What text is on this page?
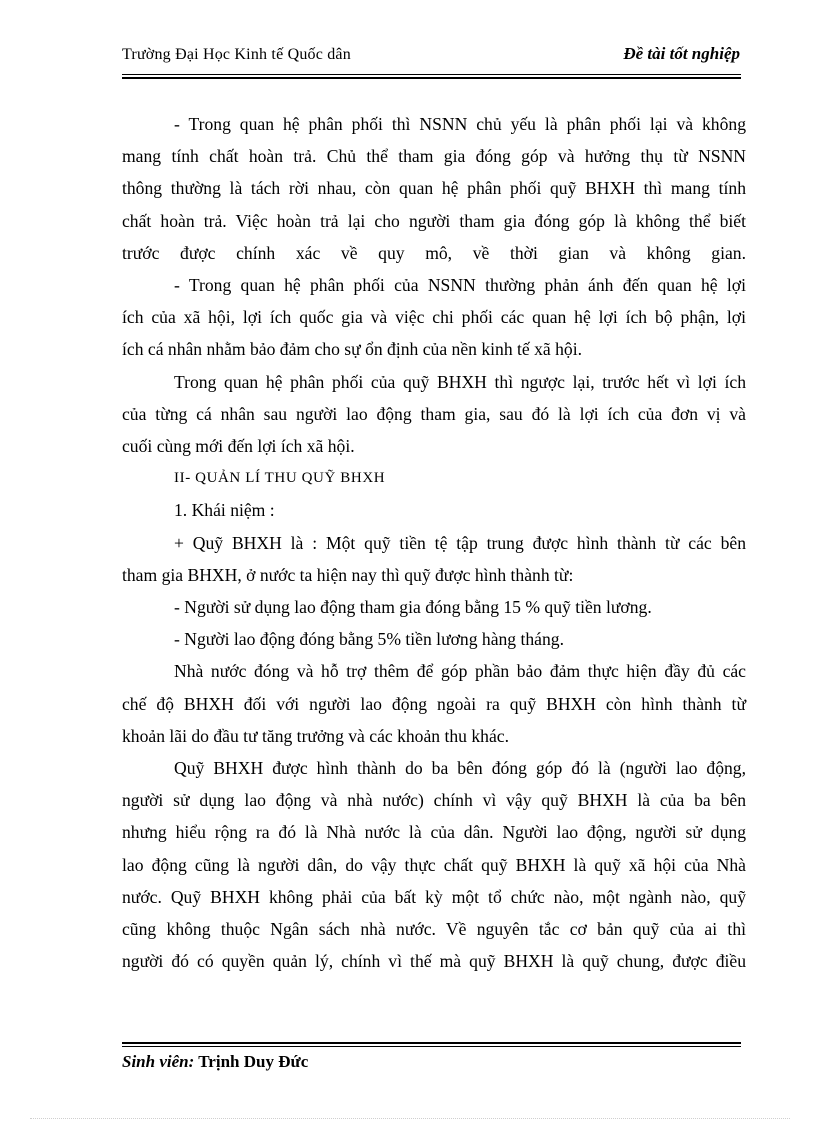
Trường Đại Học Kinh tế Quốc dân	Đề tài tốt nghiệp

- Trong quan hệ phân phối thì NSNN chủ yếu là phân phối lại và không
mang tính chất hoàn trả. Chủ thể tham gia đóng góp và hưởng thụ từ NSNN
thông thường là tách rời nhau, còn quan hệ phân phối quỹ BHXH thì mang tính
chất hoàn trả. Việc hoàn trả lại cho người tham gia đóng góp là không thể biết
trước được chính xác về quy mô, về thời gian và không gian.

- Trong quan hệ phân phối của NSNN thường phản ánh đến quan hệ lợi
ích của xã hội, lợi ích quốc gia và việc chi phối các quan hệ lợi ích bộ phận, lợi
ích cá nhân nhằm bảo đảm cho sự ổn định của nền kinh tế xã hội.

Trong quan hệ phân phối của quỹ BHXH thì ngược lại, trước hết vì lợi ích
của từng cá nhân sau người lao động tham gia, sau đó là lợi ích của đơn vị và
cuối cùng mới đến lợi ích xã hội.

II- QUẢN LÍ THU QUỸ BHXH

1. Khái niệm :

+ Quỹ BHXH là : Một quỹ tiền tệ tập trung được hình thành từ các bên
tham gia BHXH, ở nước ta hiện nay thì quỹ được hình thành từ:

- Người sử dụng lao động tham gia đóng bằng 15 % quỹ tiền lương.

- Người lao động đóng bằng 5% tiền lương hàng tháng.

Nhà nước đóng và hỗ trợ thêm để góp phần bảo đảm thực hiện đầy đủ các
chế độ BHXH đối với người lao động ngoài ra quỹ BHXH còn hình thành từ
khoản lãi do đầu tư tăng trưởng và các khoản thu khác.

Quỹ BHXH được hình thành do ba bên đóng góp đó là (người lao động,
người sử dụng lao động và nhà nước) chính vì vậy quỹ BHXH là của ba bên
nhưng hiểu rộng ra đó là Nhà nước là của dân. Người lao động, người sử dụng
lao động cũng là người dân, do vậy thực chất quỹ BHXH là quỹ xã hội của Nhà
nước. Quỹ BHXH không phải của bất kỳ một tổ chức nào, một ngành nào, quỹ
cũng không thuộc Ngân sách nhà nước. Về nguyên tắc cơ bản quỹ của ai thì
người đó có quyền quản lý, chính vì thế mà quỹ BHXH là quỹ chung, được điều

Sinh viên: Trịnh Duy Đức
